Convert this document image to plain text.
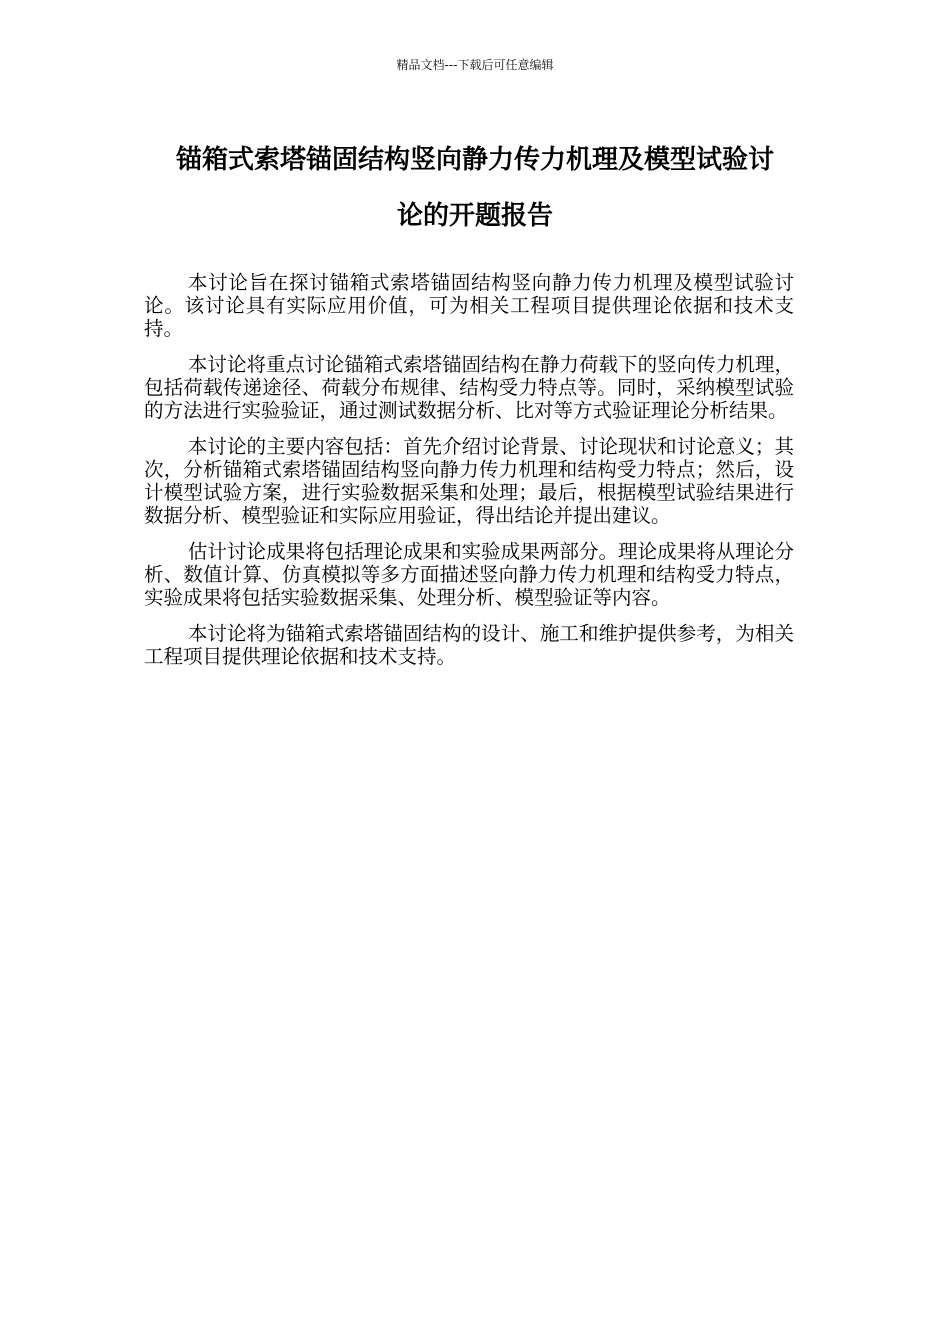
精品文档---下载后可任意编辑
锚箱式索塔锚固结构竖向静力传力机理及模型试验讨
论的开题报告

本讨论旨在探讨锚箱式索塔锚固结构竖向静力传力机理及模型试验讨论。该讨论具有实际应用价值，可为相关工程项目提供理论依据和技术支持。

本讨论将重点讨论锚箱式索塔锚固结构在静力荷载下的竖向传力机理，包括荷载传递途径、荷载分布规律、结构受力特点等。同时，采纳模型试验的方法进行实验验证，通过测试数据分析、比对等方式验证理论分析结果。

本讨论的主要内容包括：首先介绍讨论背景、讨论现状和讨论意义；其次，分析锚箱式索塔锚固结构竖向静力传力机理和结构受力特点；然后，设计模型试验方案，进行实验数据采集和处理；最后，根据模型试验结果进行数据分析、模型验证和实际应用验证，得出结论并提出建议。

估计讨论成果将包括理论成果和实验成果两部分。理论成果将从理论分析、数值计算、仿真模拟等多方面描述竖向静力传力机理和结构受力特点，实验成果将包括实验数据采集、处理分析、模型验证等内容。

本讨论将为锚箱式索塔锚固结构的设计、施工和维护提供参考，为相关工程项目提供理论依据和技术支持。
